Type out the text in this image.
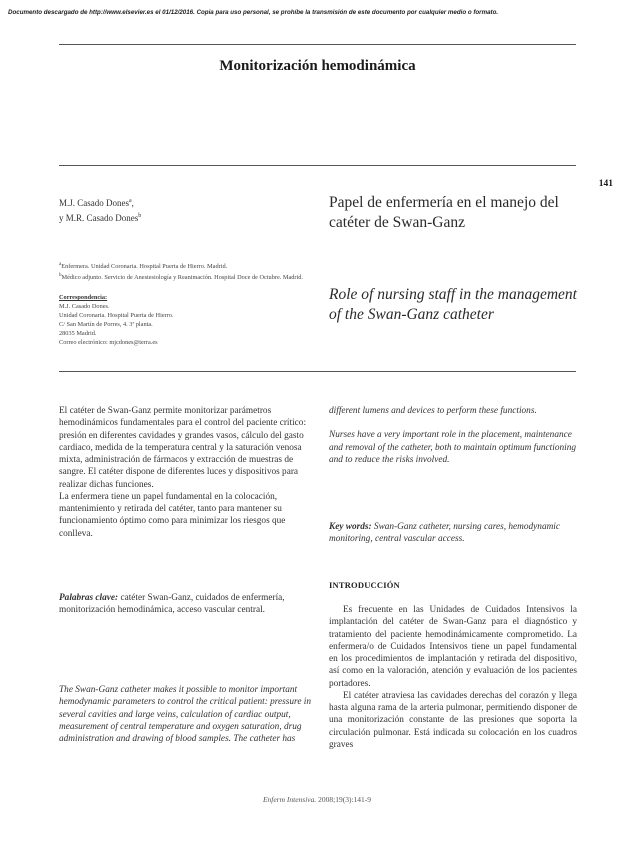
Documento descargado de http://www.elsevier.es el 01/12/2016. Copia para uso personal, se prohíbe la transmisión de este documento por cualquier medio o formato.
Monitorización hemodinámica
141
M.J. Casado Dones$^a$,
y M.R. Casado Dones$^b$
$^a$Enfermera. Unidad Coronaria. Hospital Puerta de Hierro. Madrid.
$^b$Médico adjunto. Servicio de Anestesiología y Reanimación. Hospital Doce de Octubre. Madrid.
Correspondencia:
M.J. Casado Dones.
Unidad Coronaria. Hospital Puerta de Hierro.
C/ San Martín de Porres, 4. 3ª planta.
28035 Madrid.
Correo electrónico: mjcdones@terra.es
Papel de enfermería en el manejo del catéter de Swan-Ganz
Role of nursing staff in the management of the Swan-Ganz catheter

El catéter de Swan-Ganz permite monitorizar parámetros hemodinámicos fundamentales para el control del paciente crítico: presión en diferentes cavidades y grandes vasos, cálculo del gasto cardiaco, medida de la temperatura central y la saturación venosa mixta, administración de fármacos y extracción de muestras de sangre. El catéter dispone de diferentes luces y dispositivos para realizar dichas funciones.

La enfermera tiene un papel fundamental en la colocación, mantenimiento y retirada del catéter, tanto para mantener su funcionamiento óptimo como para minimizar los riesgos que conlleva.

Palabras clave: catéter Swan-Ganz, cuidados de enfermería, monitorización hemodinámica, acceso vascular central.
The Swan-Ganz catheter makes it possible to monitor important hemodynamic parameters to control the critical patient: pressure in several cavities and large veins, calculation of cardiac output, measurement of central temperature and oxygen saturation, drug administration and drawing of blood samples. The catheter has

different lumens and devices to perform these functions.

Nurses have a very important role in the placement, maintenance and removal of the catheter, both to maintain optimum functioning and to reduce the risks involved.

Key words: Swan-Ganz catheter, nursing cares, hemodynamic monitoring, central vascular access.
INTRODUCCIÓN

Es frecuente en las Unidades de Cuidados Intensivos la implantación del catéter de Swan-Ganz para el diagnóstico y tratamiento del paciente hemodinámicamente comprometido. La enfermera/o de Cuidados Intensivos tiene un papel fundamental en los procedimientos de implantación y retirada del dispositivo, así como en la valoración, atención y evaluación de los pacientes portadores.

El catéter atraviesa las cavidades derechas del corazón y llega hasta alguna rama de la arteria pulmonar, permitiendo disponer de una monitorización constante de las presiones que soporta la circulación pulmonar. Está indicada su colocación en los cuadros graves

Enferm Intensiva. 2008;19(3):141-9
